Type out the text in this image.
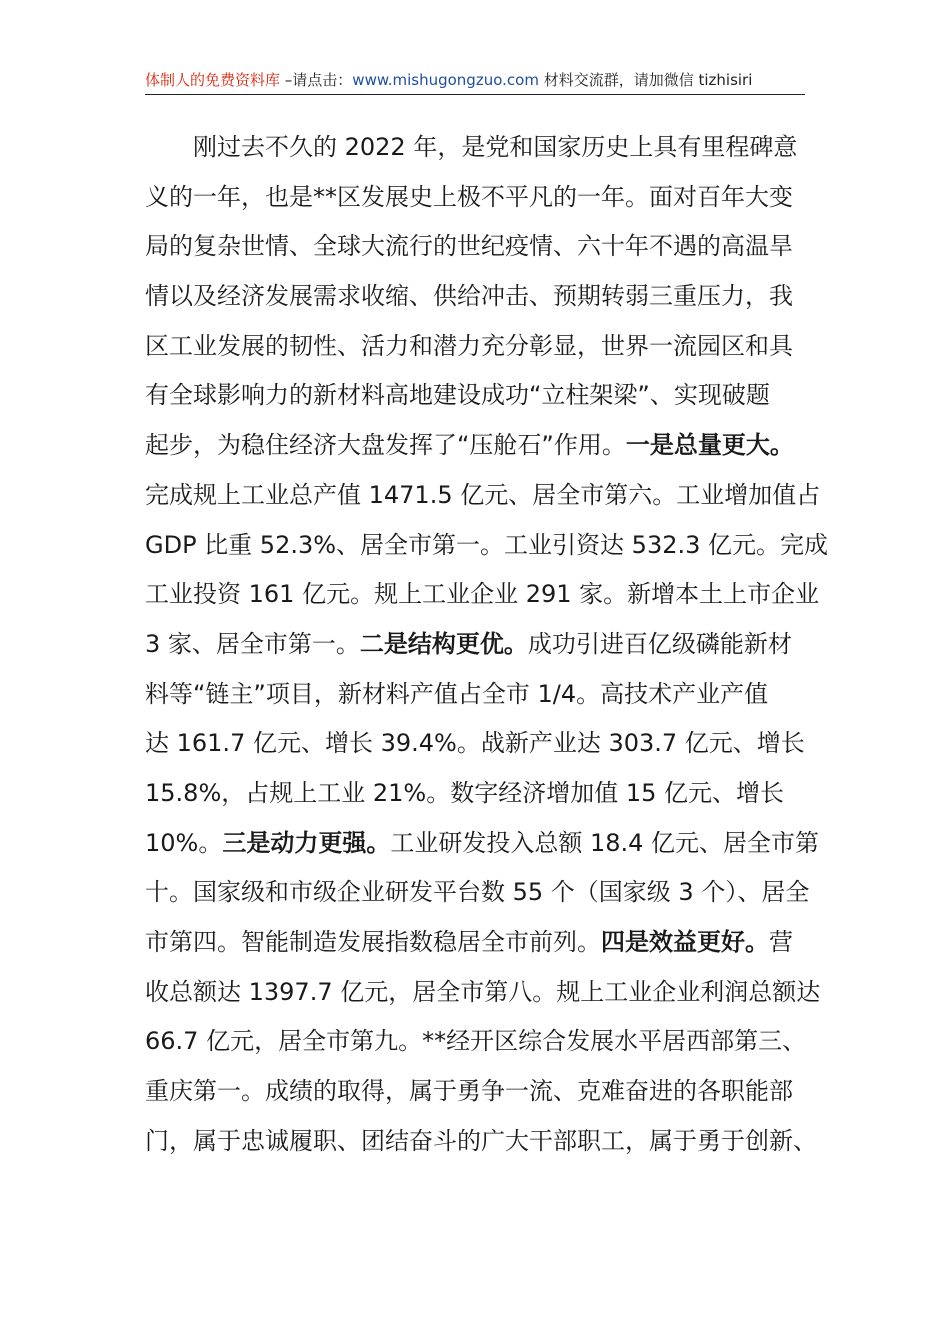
体制人的免费资料库 –请点击：www.mishugongzuo.com 材料交流群，请加微信 tizhisiri
　　刚过去不久的 2022 年，是党和国家历史上具有里程碑意
义的一年，也是**区发展史上极不平凡的一年。面对百年大变
局的复杂世情、全球大流行的世纪疫情、六十年不遇的高温旱
情以及经济发展需求收缩、供给冲击、预期转弱三重压力，我
区工业发展的韧性、活力和潜力充分彰显，世界一流园区和具
有全球影响力的新材料高地建设成功“立柱架梁”、实现破题
起步，为稳住经济大盘发挥了“压舱石”作用。一是总量更大。
完成规上工业总产值 1471.5 亿元、居全市第六。工业增加值占
GDP 比重 52.3%、居全市第一。工业引资达 532.3 亿元。完成
工业投资 161 亿元。规上工业企业 291 家。新增本土上市企业
3 家、居全市第一。二是结构更优。成功引进百亿级磷能新材
料等“链主”项目，新材料产值占全市 1/4。高技术产业产值
达 161.7 亿元、增长 39.4%。战新产业达 303.7 亿元、增长
15.8%，占规上工业 21%。数字经济增加值 15 亿元、增长
10%。三是动力更强。工业研发投入总额 18.4 亿元、居全市第
十。国家级和市级企业研发平台数 55 个（国家级 3 个）、居全
市第四。智能制造发展指数稳居全市前列。四是效益更好。营
收总额达 1397.7 亿元，居全市第八。规上工业企业利润总额达
66.7 亿元，居全市第九。**经开区综合发展水平居西部第三、
重庆第一。成绩的取得，属于勇争一流、克难奋进的各职能部
门，属于忠诚履职、团结奋斗的广大干部职工，属于勇于创新、
